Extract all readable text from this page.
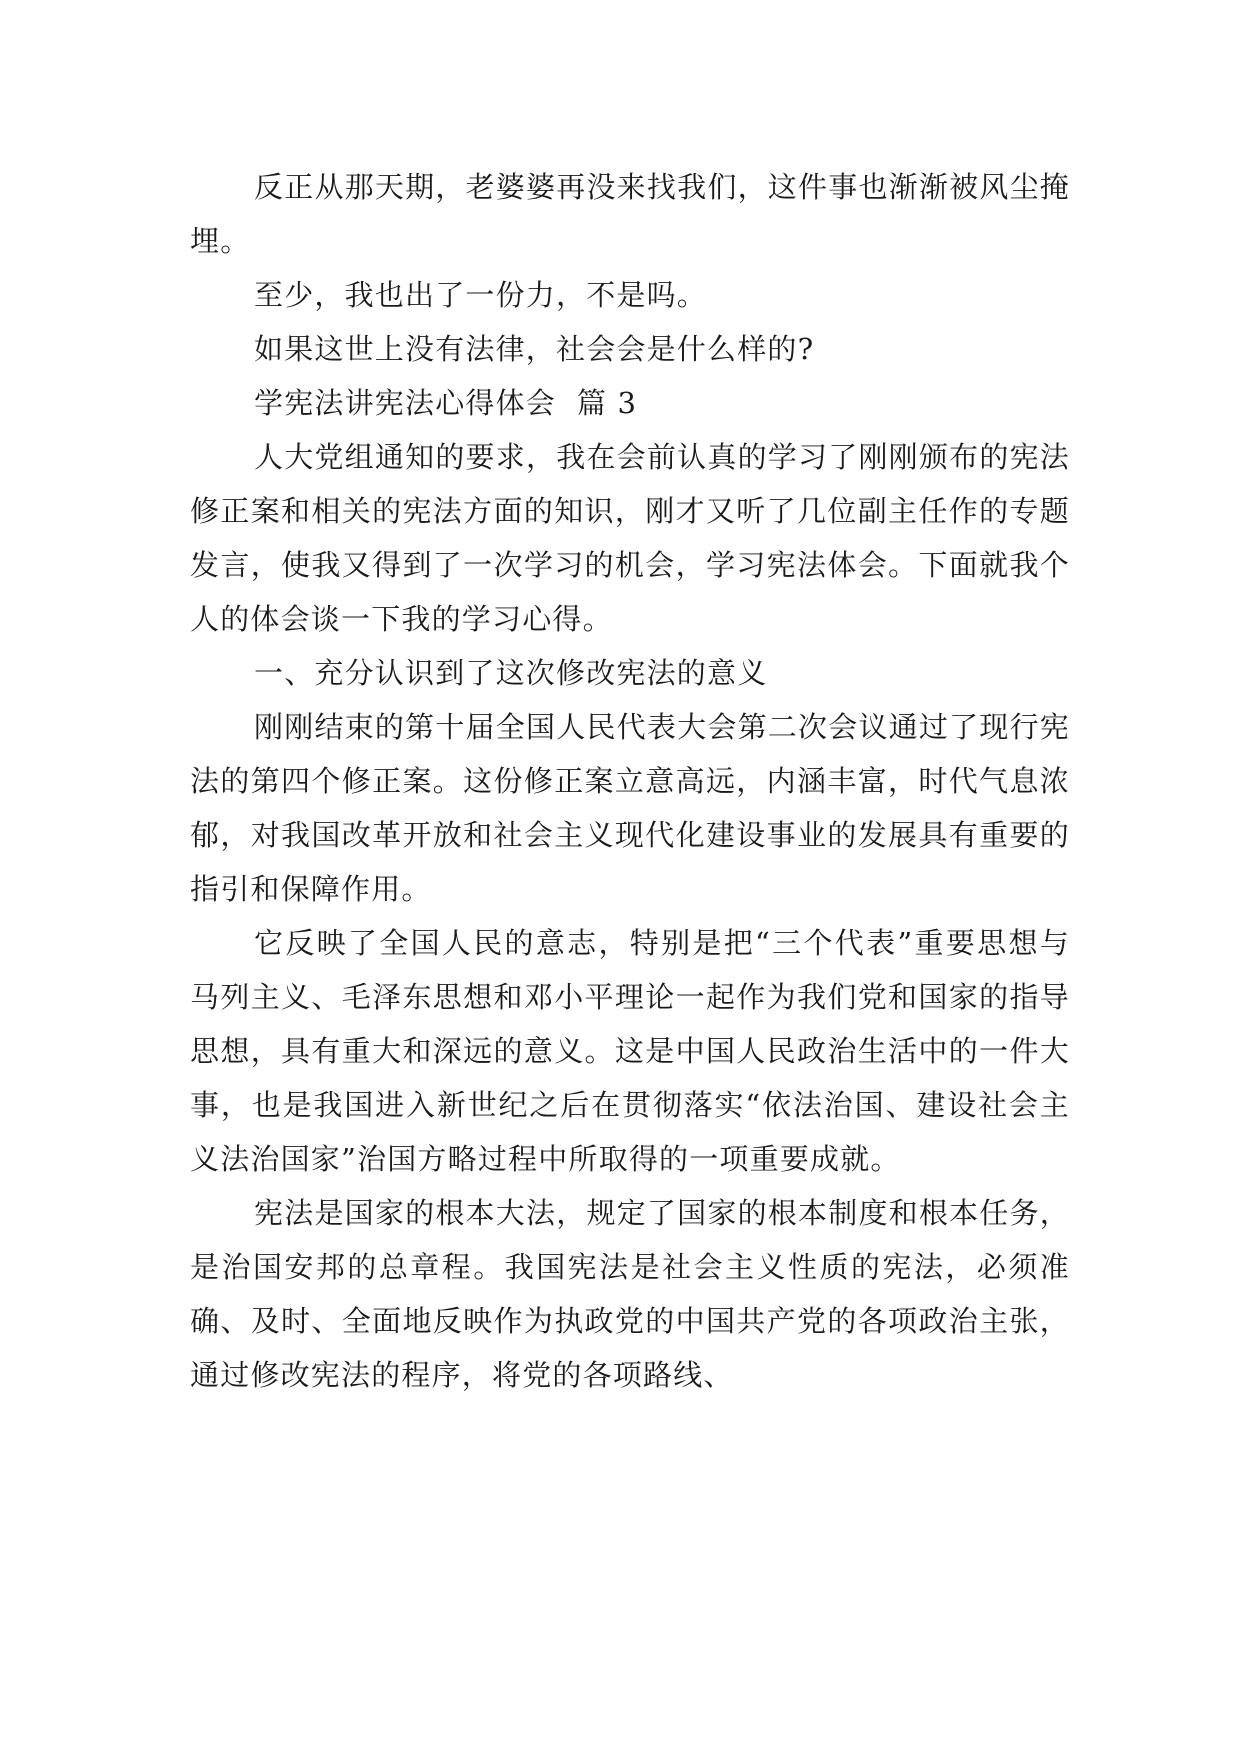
反正从那天期，老婆婆再没来找我们，这件事也渐渐被风尘掩埋。

至少，我也出了一份力，不是吗。

如果这世上没有法律，社会会是什么样的?

学宪法讲宪法心得体会  篇 3

人大党组通知的要求，我在会前认真的学习了刚刚颁布的宪法修正案和相关的宪法方面的知识，刚才又听了几位副主任作的专题发言，使我又得到了一次学习的机会，学习宪法体会。下面就我个人的体会谈一下我的学习心得。

一、充分认识到了这次修改宪法的意义

刚刚结束的第十届全国人民代表大会第二次会议通过了现行宪法的第四个修正案。这份修正案立意高远，内涵丰富，时代气息浓郁，对我国改革开放和社会主义现代化建设事业的发展具有重要的指引和保障作用。

它反映了全国人民的意志，特别是把“三个代表”重要思想与马列主义、毛泽东思想和邓小平理论一起作为我们党和国家的指导思想，具有重大和深远的意义。这是中国人民政治生活中的一件大事，也是我国进入新世纪之后在贯彻落实“依法治国、建设社会主义法治国家”治国方略过程中所取得的一项重要成就。

宪法是国家的根本大法，规定了国家的根本制度和根本任务，是治国安邦的总章程。我国宪法是社会主义性质的宪法，必须准确、及时、全面地反映作为执政党的中国共产党的各项政治主张，通过修改宪法的程序，将党的各项路线、
